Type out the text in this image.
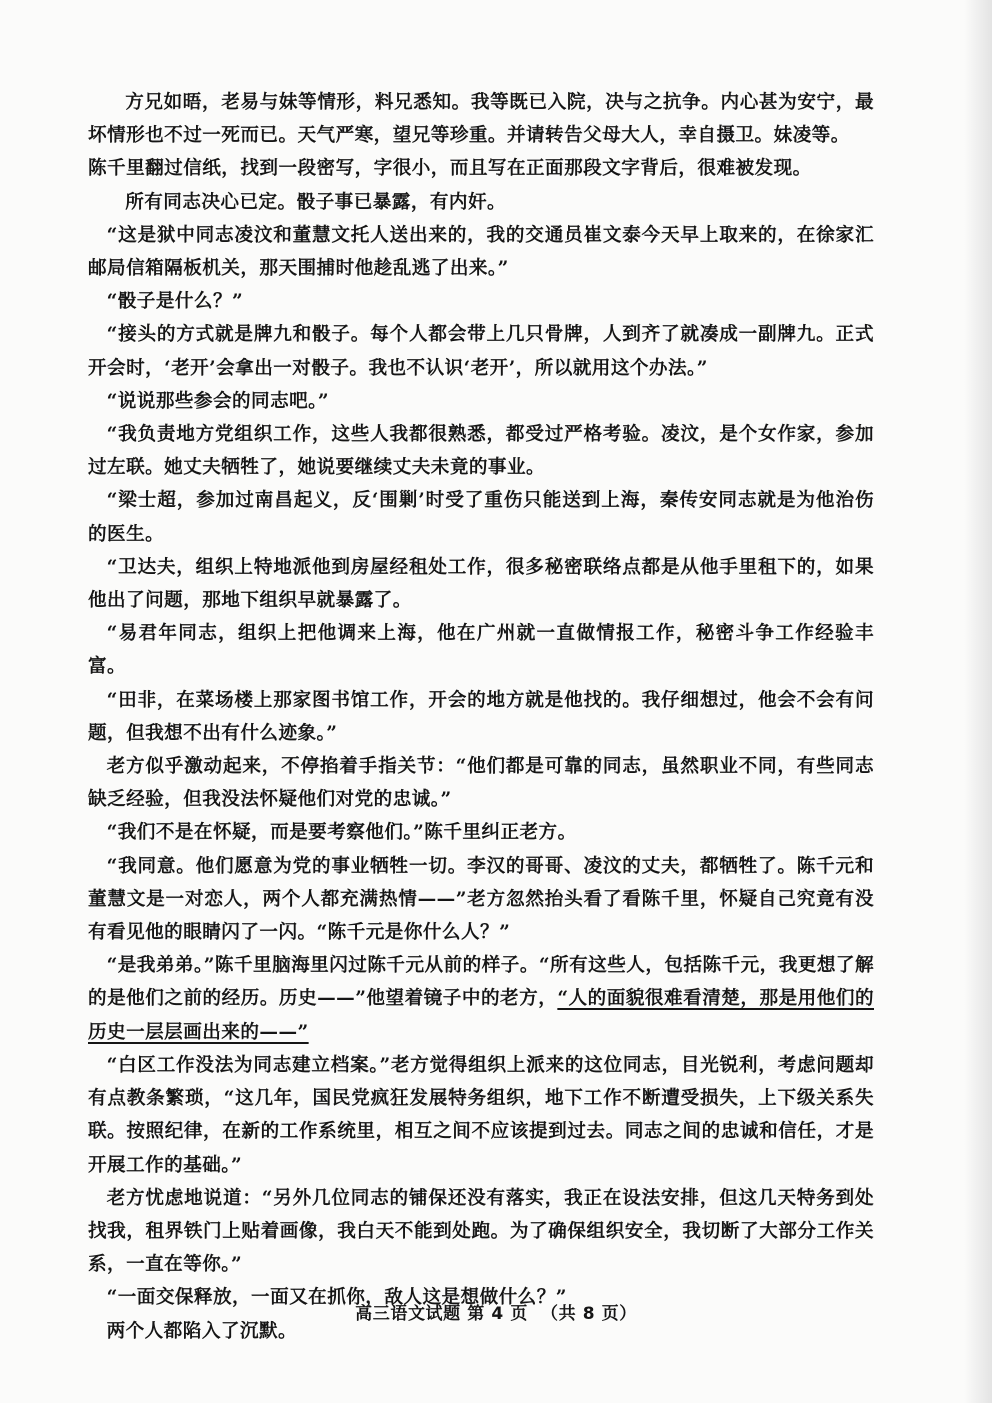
方兄如晤，老易与妹等情形，料兄悉知。我等既已入院，决与之抗争。内心甚为安宁，最坏情形也不过一死而已。天气严寒，望兄等珍重。并请转告父母大人，幸自摄卫。妹凌等。

陈千里翻过信纸，找到一段密写，字很小，而且写在正面那段文字背后，很难被发现。

所有同志决心已定。骰子事已暴露，有内奸。

“这是狱中同志凌汶和董慧文托人送出来的，我的交通员崔文泰今天早上取来的，在徐家汇邮局信箱隔板机关，那天围捕时他趁乱逃了出来。”

“骰子是什么？”

“接头的方式就是牌九和骰子。每个人都会带上几只骨牌，人到齐了就凑成一副牌九。正式开会时，‘老开’会拿出一对骰子。我也不认识‘老开’，所以就用这个办法。”

“说说那些参会的同志吧。”

“我负责地方党组织工作，这些人我都很熟悉，都受过严格考验。凌汶，是个女作家，参加过左联。她丈夫牺牲了，她说要继续丈夫未竟的事业。

“梁士超，参加过南昌起义，反‘围剿’时受了重伤只能送到上海，秦传安同志就是为他治伤的医生。

“卫达夫，组织上特地派他到房屋经租处工作，很多秘密联络点都是从他手里租下的，如果他出了问题，那地下组织早就暴露了。

“易君年同志，组织上把他调来上海，他在广州就一直做情报工作，秘密斗争工作经验丰富。

“田非，在菜场楼上那家图书馆工作，开会的地方就是他找的。我仔细想过，他会不会有问题，但我想不出有什么迹象。”

老方似乎激动起来，不停掐着手指关节：“他们都是可靠的同志，虽然职业不同，有些同志缺乏经验，但我没法怀疑他们对党的忠诚。”

“我们不是在怀疑，而是要考察他们。”陈千里纠正老方。

“我同意。他们愿意为党的事业牺牲一切。李汉的哥哥、凌汶的丈夫，都牺牲了。陈千元和董慧文是一对恋人，两个人都充满热情——”老方忽然抬头看了看陈千里，怀疑自己究竟有没有看见他的眼睛闪了一闪。“陈千元是你什么人？”

“是我弟弟。”陈千里脑海里闪过陈千元从前的样子。“所有这些人，包括陈千元，我更想了解的是他们之前的经历。历史——”他望着镜子中的老方，“人的面貌很难看清楚，那是用他们的历史一层层画出来的——”

“白区工作没法为同志建立档案。”老方觉得组织上派来的这位同志，目光锐利，考虑问题却有点教条繁琐，“这几年，国民党疯狂发展特务组织，地下工作不断遭受损失，上下级关系失联。按照纪律，在新的工作系统里，相互之间不应该提到过去。同志之间的忠诚和信任，才是开展工作的基础。”

老方忧虑地说道：“另外几位同志的铺保还没有落实，我正在设法安排，但这几天特务到处找我，租界铁门上贴着画像，我白天不能到处跑。为了确保组织安全，我切断了大部分工作关系，一直在等你。”

“一面交保释放，一面又在抓你，敌人这是想做什么？”

两个人都陷入了沉默。

高三语文试题 第 4 页  （共 8 页）
